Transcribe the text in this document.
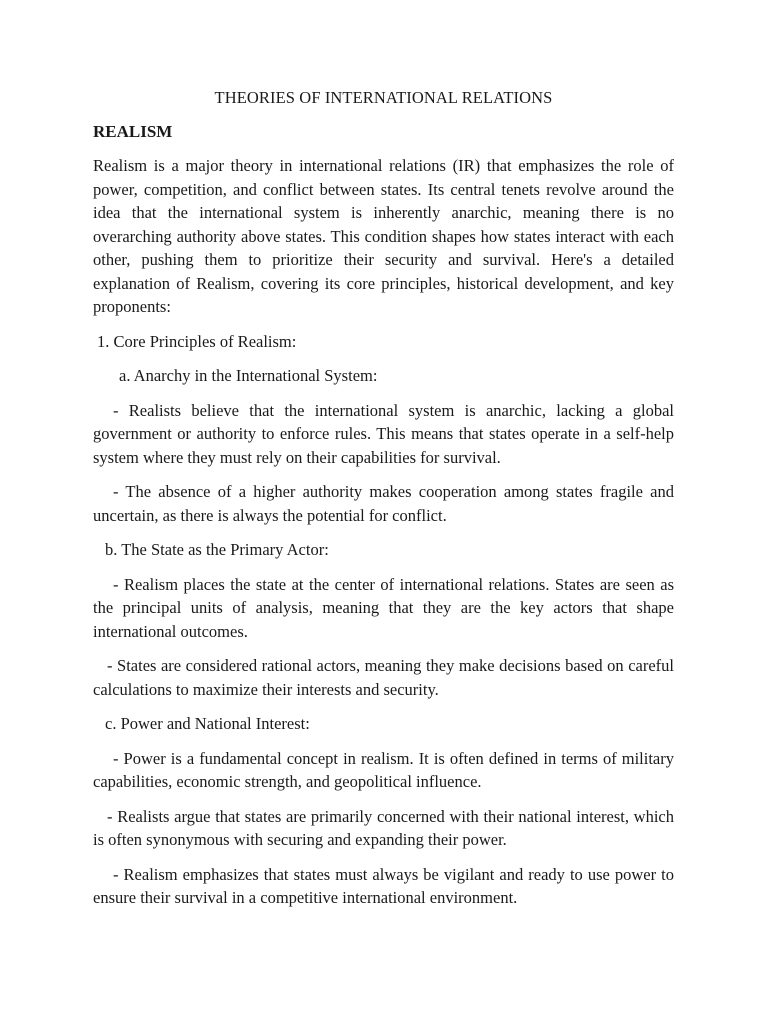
THEORIES OF INTERNATIONAL RELATIONS
REALISM

Realism is a major theory in international relations (IR) that emphasizes the role of power, competition, and conflict between states. Its central tenets revolve around the idea that the international system is inherently anarchic, meaning there is no overarching authority above states. This condition shapes how states interact with each other, pushing them to prioritize their security and survival. Here's a detailed explanation of Realism, covering its core principles, historical development, and key proponents:

1. Core Principles of Realism:

a. Anarchy in the International System:

- Realists believe that the international system is anarchic, lacking a global government or authority to enforce rules. This means that states operate in a self-help system where they must rely on their capabilities for survival.

- The absence of a higher authority makes cooperation among states fragile and uncertain, as there is always the potential for conflict.

b. The State as the Primary Actor:

- Realism places the state at the center of international relations. States are seen as the principal units of analysis, meaning that they are the key actors that shape international outcomes.

- States are considered rational actors, meaning they make decisions based on careful calculations to maximize their interests and security.

c. Power and National Interest:

- Power is a fundamental concept in realism. It is often defined in terms of military capabilities, economic strength, and geopolitical influence.

- Realists argue that states are primarily concerned with their national interest, which is often synonymous with securing and expanding their power.

- Realism emphasizes that states must always be vigilant and ready to use power to ensure their survival in a competitive international environment.
